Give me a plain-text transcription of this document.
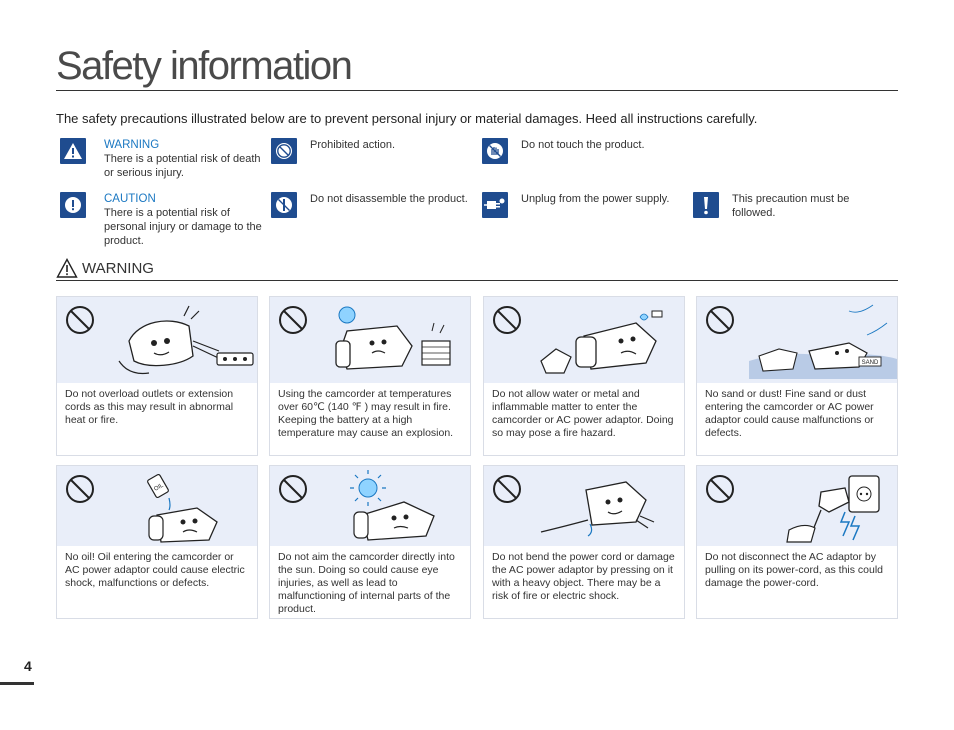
Safety information

The safety precautions illustrated below are to prevent personal injury or material damages. Heed all instructions carefully.

WARNING
There is a potential risk of death or serious injury.
Prohibited action.	Do not touch the product.
CAUTION
There is a potential risk of personal injury or damage to the product.
Do not disassemble the product.	Unplug from the power supply.	This precaution must be followed.
WARNING
Do not overload outlets or extension cords as this may result in abnormal heat or fire.
Using the camcorder at temperatures over 60℃ (140 ℉ ) may result in fire. Keeping the battery at a high temperature may cause an explosion.
Do not allow water or metal and inflammable matter to enter the camcorder or AC power adaptor. Doing so may pose a fire hazard.
SAND
No sand or dust! Fine sand or dust entering the camcorder or AC power adaptor could cause malfunctions or defects.
OIL
No oil! Oil entering the camcorder or AC power adaptor could cause electric shock, malfunctions or defects.
Do not aim the camcorder directly into the sun. Doing so could cause eye injuries, as well as lead to malfunctioning of internal parts of the product.
Do not bend the power cord or damage the AC power adaptor by pressing on it with a heavy object. There may be a risk of fire or electric shock.
Do not disconnect the AC adaptor by pulling on its power-cord, as this could damage the power-cord.
4
